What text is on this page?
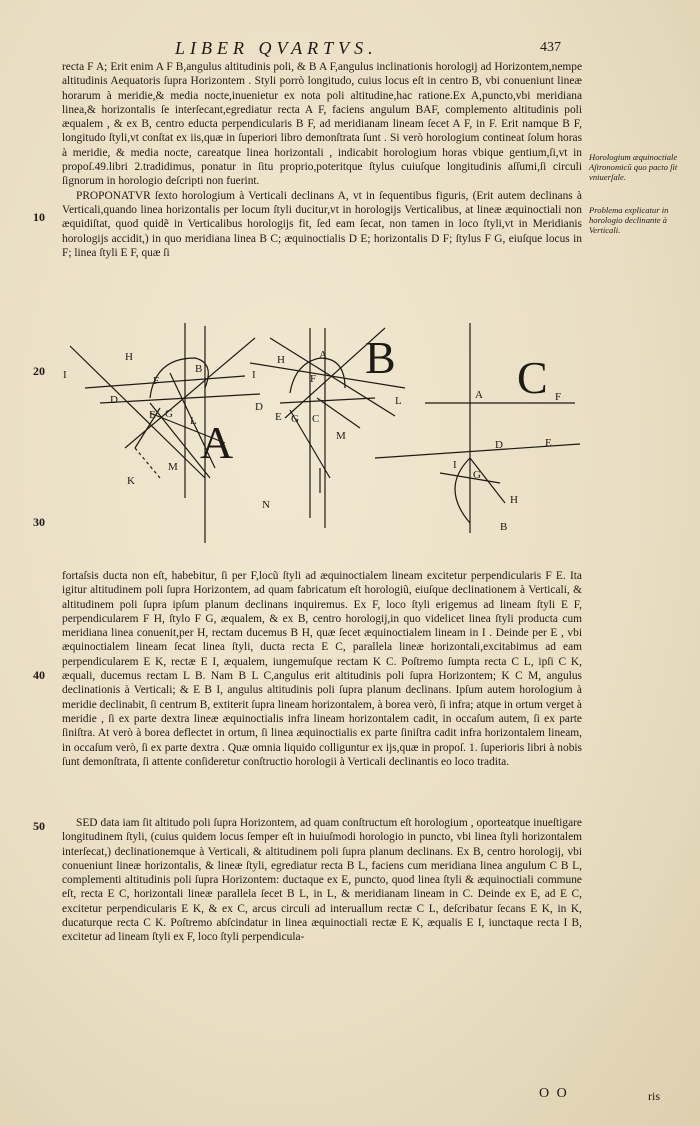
LIBER QVARTVS.	437

recta F A; Erit enim A F B,angulus altitudinis poli, & B A F,angulus inclinationis horologij ad Horizontem,nempe altitudinis Aequatoris ſupra Horizontem . Styli porrò longitudo, cuius locus eſt in centro B, vbi conueniunt lineæ horarum à meridie,& media nocte,inuenietur ex nota poli altitudine,hac ratione.Ex A,puncto,vbi meridiana linea,& horizontalis ſe interſecant,egrediatur recta A F, faciens angulum BAF, complemento altitudinis poli æqualem , & ex B, centro educta perpendicularis B F, ad meridianam lineam ſecet A F, in F. Erit namque B F, longitudo ſtyli,vt conſtat ex iis,quæ in ſuperiori libro demonſtrata ſunt . Si verò horologium contineat ſolum horas à meridie, & media nocte, careatque linea horizontali , indicabit horologium horas vbique gentium,ſi,vt in propoſ.49.libri 2.tradidimus, ponatur in ſitu proprio,poteritque ſtylus cuiuſque longitudinis aſſumi,ſi circuli ſignorum in horologio deſcripti non fuerint.

PROPONATVR ſexto horologium à Verticali declinans A, vt in ſequentibus figuris, (Erit autem declinans à Verticali,quando linea horizontalis per locum ſtyli ducitur,vt in horologijs Verticalibus, at lineæ æquinoctiali non æquidiſtat, quod quidẽ in Verticalibus horologijs fit, ſed eam ſecat, non tamen in loco ſtyli,vt in Meridianis horologijs accidit,) in quo meridiana linea B C; æquinoctialis D E; horizontalis D F; ſtylus F G, eiuſque locus in F; linea ſtyli E F, quæ ſi

10
20
30
40
50
Horologium æquinoctiale Aſtronomicũ quo pacto ſit vniuerſale.
Problema explicatur in horologio declinante à Verticali.
I
H
F
D
E G
L
B
K
M A
I
H	A
F
D
E G C
L
M
N
B
A	F
D	E
I
G
H
B
C

fortaſsis ducta non eſt, habebitur, ſi per F,locũ ſtyli ad æquinoctialem lineam excitetur perpendicularis F E. Ita igitur altitudinem poli ſupra Horizontem, ad quam fabricatum eſt horologiũ, eiuſque declinationem à Verticali, & altitudinem poli ſupra ipſum planum declinans inquiremus. Ex F, loco ſtyli erigemus ad lineam ſtyli E F, perpendicularem F H, ſtylo F G, æqualem, & ex B, centro horologij,in quo videlicet linea ſtyli producta cum meridiana linea conuenit,per H, rectam ducemus B H, quæ ſecet æquinoctialem lineam in I . Deinde per E , vbi æquinoctialem lineam ſecat linea ſtyli, ducta recta E C, parallela lineæ horizontali,excitabimus ad eam perpendicularem E K, rectæ E I, æqualem, iungemuſque rectam K C. Poſtremo ſumpta recta C L, ipſi C K, æquali, ducemus rectam L B. Nam B L C,angulus erit altitudinis poli ſupra Horizontem; K C M, angulus declinationis à Verticali; & E B I, angulus altitudinis poli ſupra planum declinans. Ipſum autem horologium à meridie declinabit, ſi centrum B, extiterit ſupra lineam horizontalem, à borea verò, ſi infra; atque in ortum verget à meridie , ſi ex parte dextra lineæ æquinoctialis infra lineam horizontalem cadit, in occaſum autem, ſi ex parte ſiniſtra. At verò à borea deflectet in ortum, ſi linea æquinoctialis ex parte ſiniſtra cadit infra horizontalem lineam, in occaſum verò, ſi ex parte dextra . Quæ omnia liquido colliguntur ex ijs,quæ in propoſ. 1. ſuperioris libri à nobis ſunt demonſtrata, ſi attente conſideretur conſtructio horologii à Verticali declinantis eo loco tradita.

SED data iam ſit altitudo poli ſupra Horizontem, ad quam conſtructum eſt horologium , oporteatque inueſtigare longitudinem ſtyli, (cuius quidem locus ſemper eſt in huiuſmodi horologio in puncto, vbi linea ſtyli horizontalem interſecat,) declinationemque à Verticali, & altitudinem poli ſupra planum declinans. Ex B, centro horologij, vbi conueniunt lineæ horizontalis, & lineæ ſtyli, egrediatur recta B L, faciens cum meridiana linea angulum C B L, complementi altitudinis poli ſupra Horizontem: ductaque ex E, puncto, quod linea ſtyli & æquinoctiali commune eſt, recta E C, horizontali lineæ parallela ſecet B L, in L, & meridianam lineam in C. Deinde ex E, ad E C, excitetur perpendicularis E K, & ex C, arcus circuli ad interuallum rectæ C L, deſcribatur ſecans E K, in K, ducaturque recta C K. Poſtremo abſcindatur in linea æquinoctiali rectæ E K, æqualis E I, iunctaque recta I B, excitetur ad lineam ſtyli ex F, loco ſtyli perpendicula-

O O	ris
